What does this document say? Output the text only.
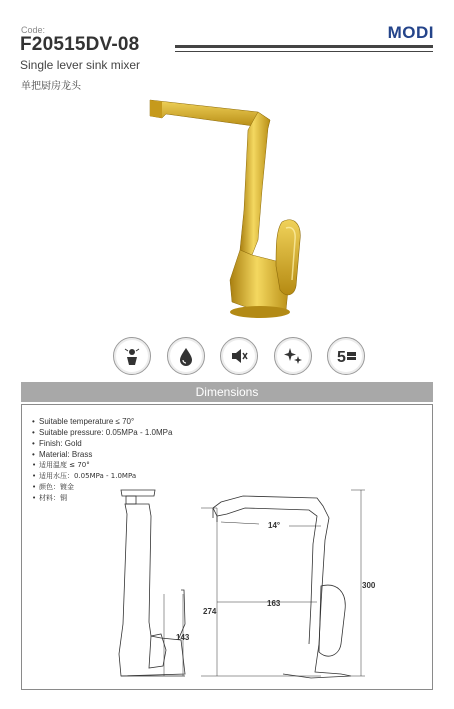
Code:
F20515DV-08
MODI
Single lever sink mixer
单把厨房龙头
5
Dimensions
• Suitable temperature ≤ 70°
• Suitable pressure: 0.05MPa - 1.0MPa
• Finish: Gold
• Material: Brass
• 适用温度 ≤ 70°
• 适用水压：0.05MPa - 1.0MPa
• 颜色：镀金
• 材料：铜
14°
300
274
163
143
